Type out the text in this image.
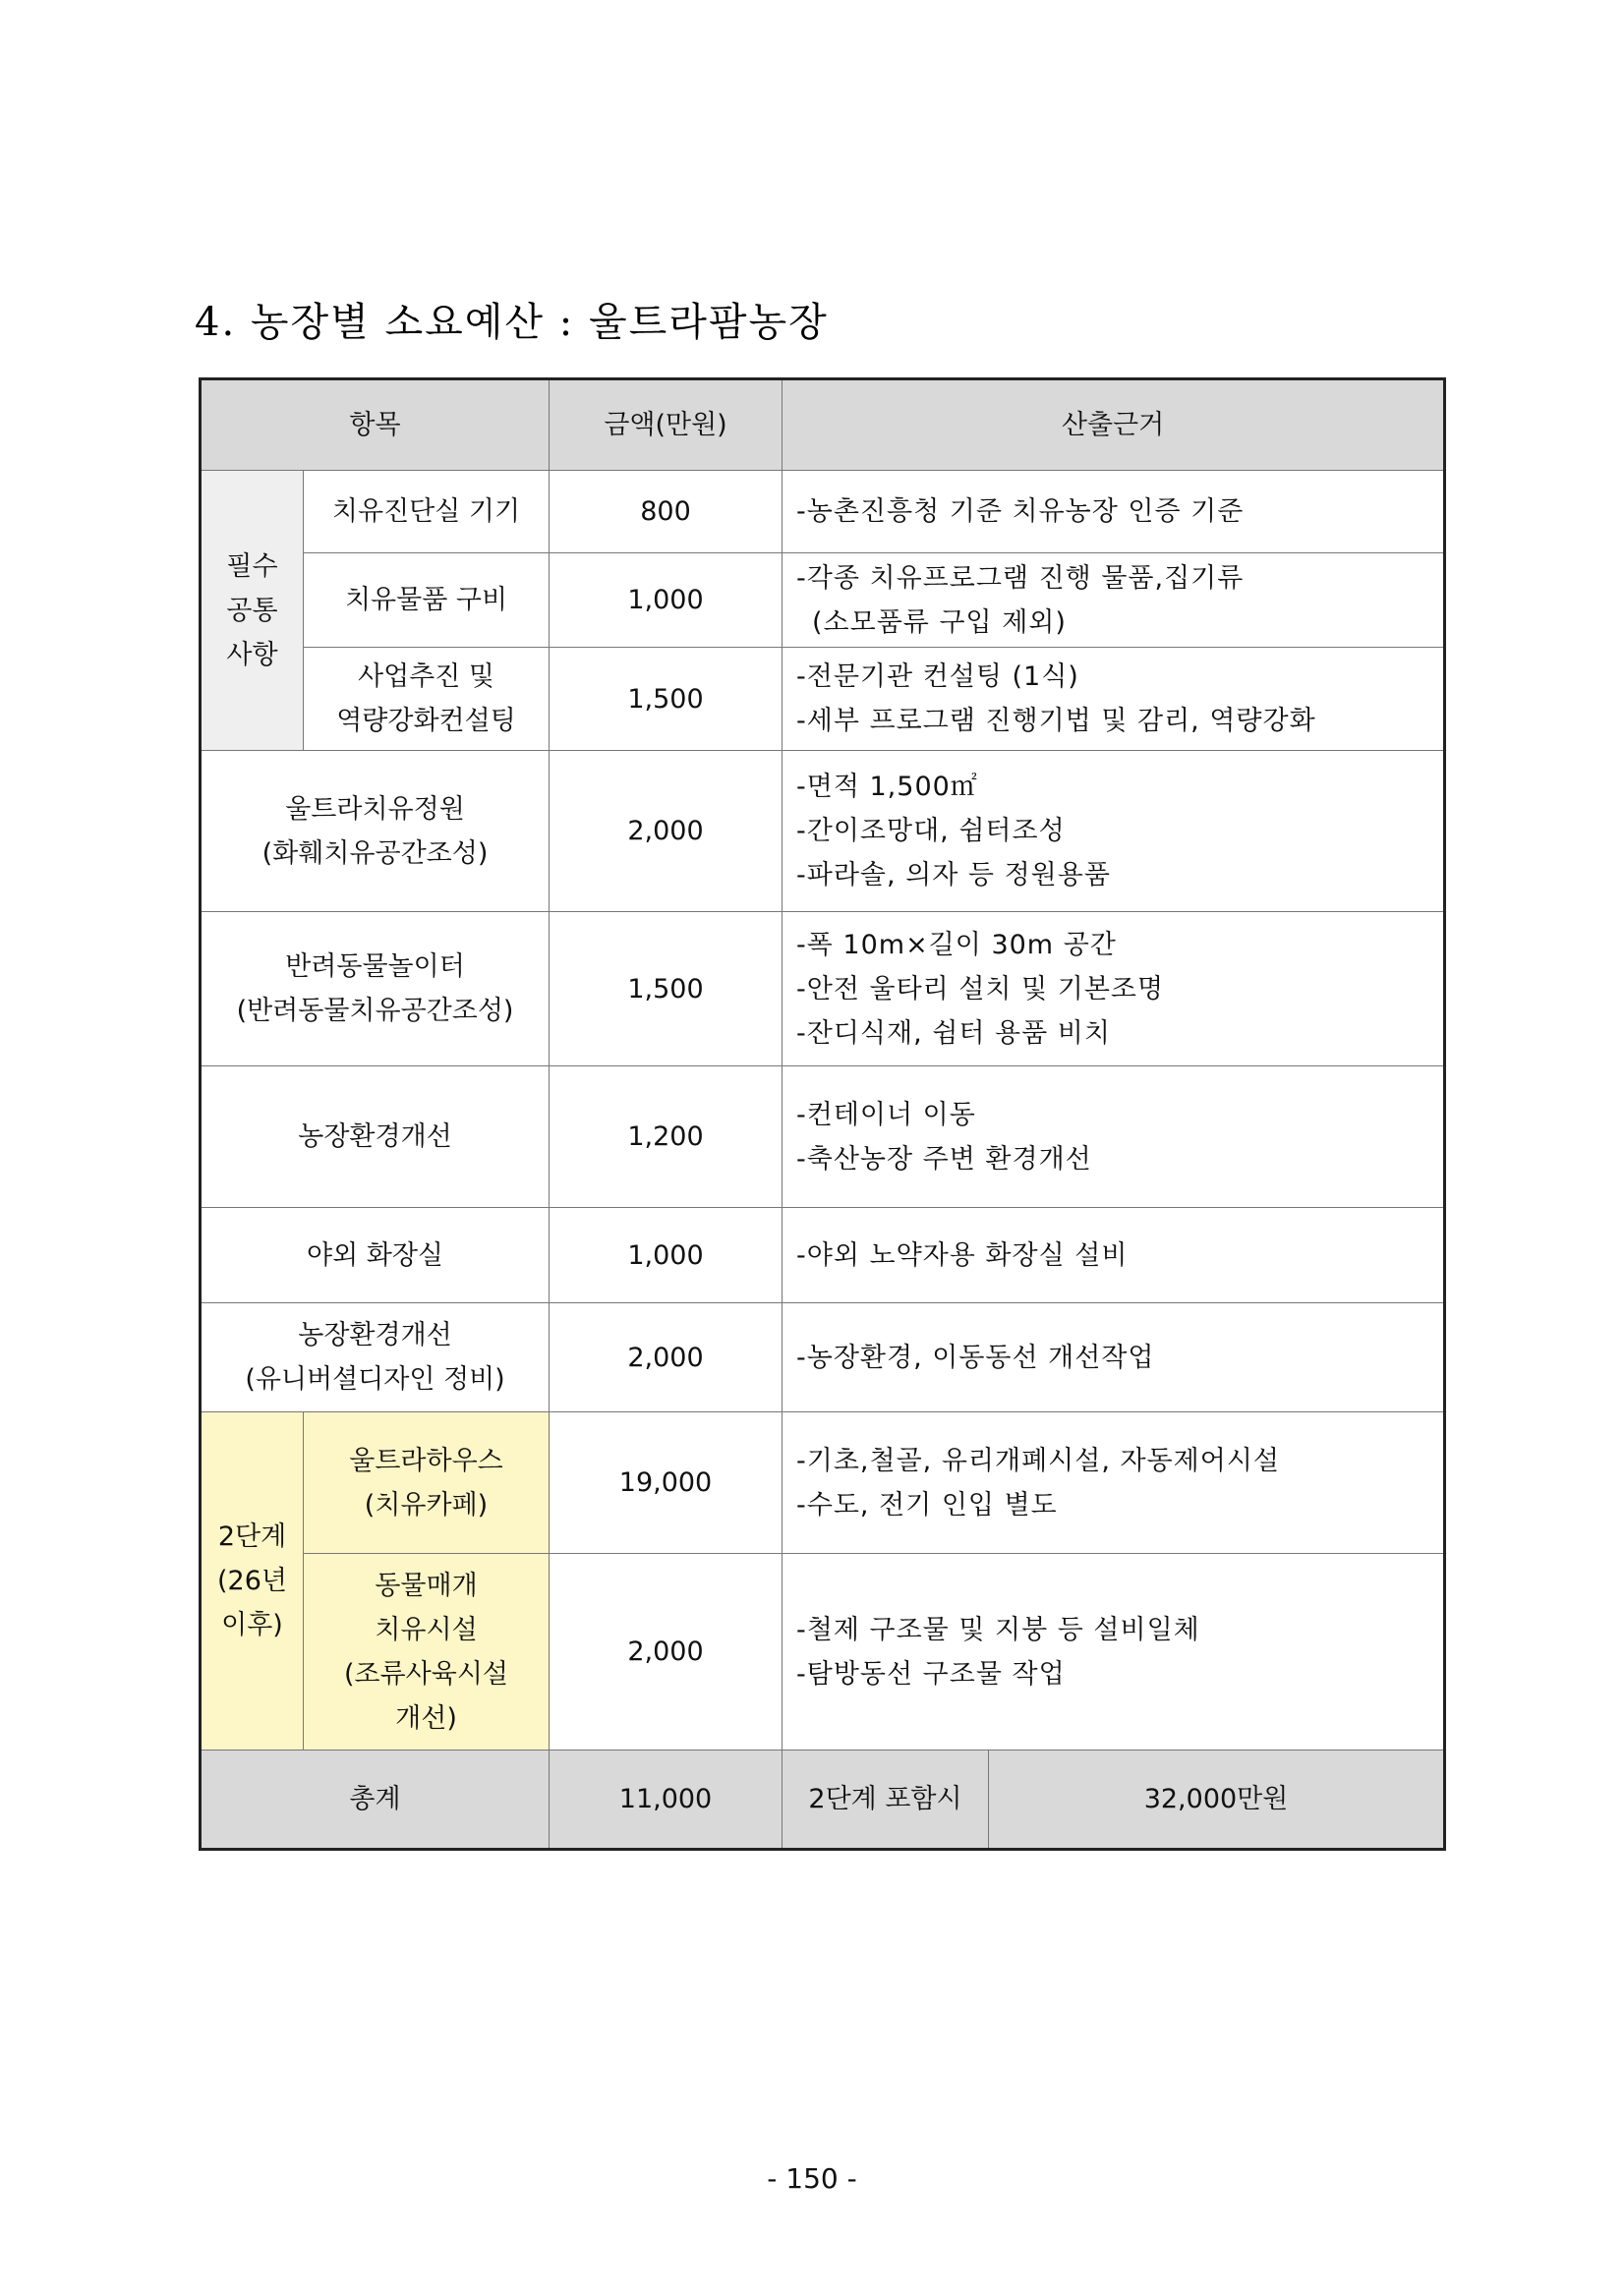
4. 농장별 소요예산 : 울트라팜농장
항목		금액(만원)	산출근거	

필수
공통
사항	치유진단실 기기	800	-농촌진흥청 기준 치유농장 인증 기준	

	치유물품 구비	1,000	-각종 치유프로그램 진행 물품,집기류
(소모품류 구입 제외)	

	사업추진 및
역량강화컨설팅	1,500	-전문기관 컨설팅 (1식)
-세부 프로그램 진행기법 및 감리, 역량강화	

울트라치유정원
(화훼치유공간조성)		2,000	-면적 1,500㎡
-간이조망대, 쉼터조성
-파라솔, 의자 등 정원용품	

반려동물놀이터
(반려동물치유공간조성)		1,500	-폭 10m×길이 30m 공간
-안전 울타리 설치 및 기본조명
-잔디식재, 쉼터 용품 비치	

농장환경개선		1,200	-컨테이너 이동
-축산농장 주변 환경개선	

야외 화장실		1,000	-야외 노약자용 화장실 설비	

농장환경개선
(유니버셜디자인 정비)		2,000	-농장환경, 이동동선 개선작업	

2단계
(26년
이후)	울트라하우스
(치유카페)	19,000	-기초,철골, 유리개폐시설, 자동제어시설
-수도, 전기 인입 별도	

	동물매개
치유시설
(조류사육시설
개선)	2,000	-철제 구조물 및 지붕 등 설비일체
-탐방동선 구조물 작업	

총계		11,000	2단계 포함시	32,000만원
- 150 -
